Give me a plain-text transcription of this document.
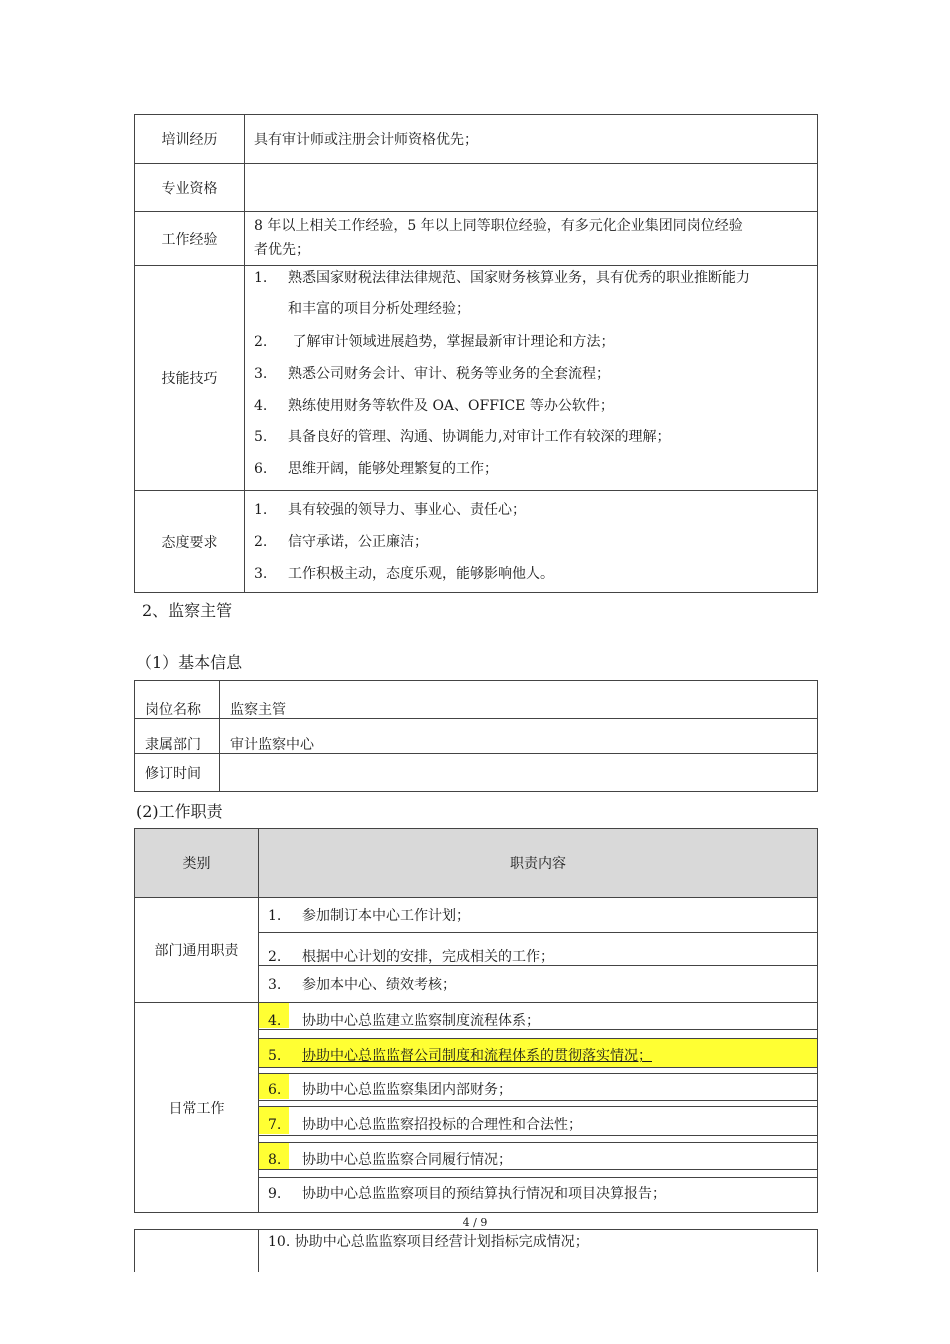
培训经历	具有审计师或注册会计师资格优先；
专业资格
工作经验
8 年以上相关工作经验，5 年以上同等职位经验，有多元化企业集团同岗位经验
者优先；
技能技巧
1. 熟悉国家财税法律法律规范、国家财务核算业务，具有优秀的职业推断能力
和丰富的项目分析处理经验；
2. 了解审计领域进展趋势，掌握最新审计理论和方法；
3. 熟悉公司财务会计、审计、税务等业务的全套流程；
4. 熟练使用财务等软件及 OA、OFFICE 等办公软件；
5. 具备良好的管理、沟通、协调能力,对审计工作有较深的理解；
6. 思维开阔，能够处理繁复的工作；
态度要求
1. 具有较强的领导力、事业心、责任心；
2. 信守承诺，公正廉洁；
3. 工作积极主动，态度乐观，能够影响他人。
2、监察主管
（1）基本信息
岗位名称 监察主管
隶属部门 审计监察中心
修订时间
(2)工作职责
类别	职责内容
部门通用职责
1. 参加制订本中心工作计划；
2. 根据中心计划的安排，完成相关的工作；
3. 参加本中心、绩效考核；
日常工作
4. 协助中心总监建立监察制度流程体系；
5. 协助中心总监监督公司制度和流程体系的贯彻落实情况；
6. 协助中心总监监察集团内部财务；
7. 协助中心总监监察招投标的合理性和合法性；
8. 协助中心总监监察合同履行情况；
9. 协助中心总监监察项目的预结算执行情况和项目决算报告；
4 / 9
10. 协助中心总监监察项目经营计划指标完成情况；
